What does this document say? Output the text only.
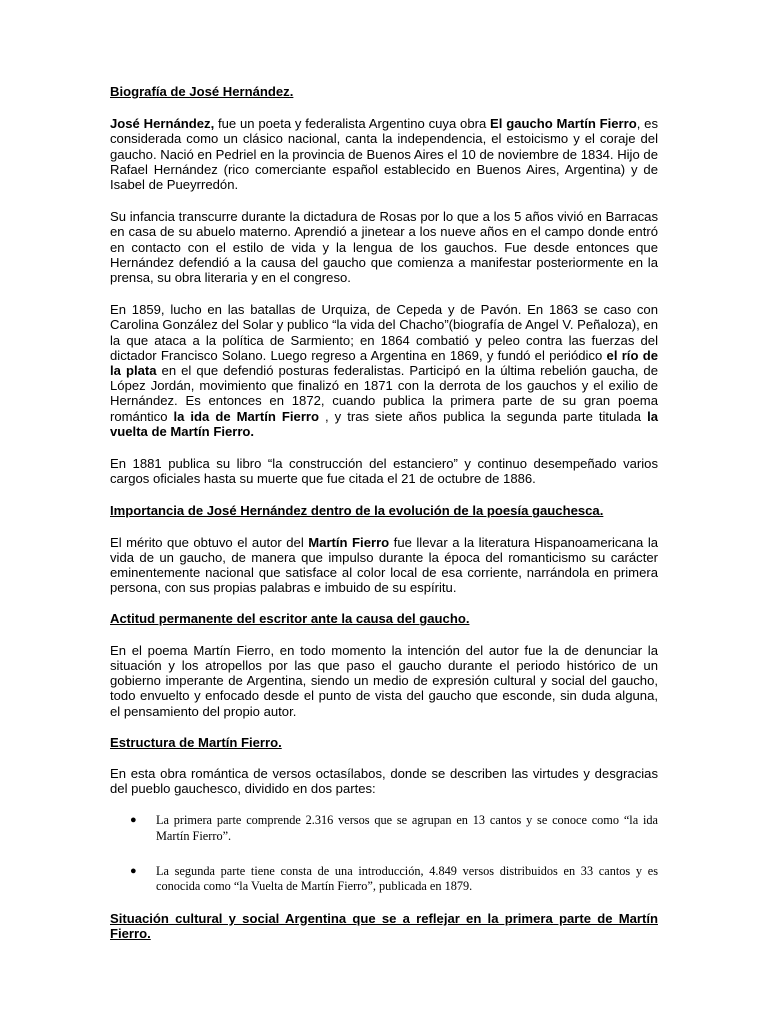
Biografía de José Hernández.

José Hernández, fue un poeta y federalista Argentino cuya obra El gaucho Martín Fierro, es considerada como un clásico nacional, canta la independencia, el estoicismo y el coraje del gaucho. Nació en Pedriel en la provincia de Buenos Aires el 10 de noviembre de 1834. Hijo de Rafael Hernández (rico comerciante español establecido en Buenos Aires, Argentina) y de Isabel de Pueyrredón.

Su infancia transcurre durante la dictadura de Rosas por lo que a los 5 años vivió en Barracas en casa de su abuelo materno. Aprendió a jinetear a los nueve años en el campo donde entró en contacto con el estilo de vida y la lengua de los gauchos. Fue desde entonces que Hernández defendió a la causa del gaucho que comienza a manifestar posteriormente en la prensa, su obra literaria y en el congreso.

En 1859, lucho en las batallas de Urquiza, de Cepeda y de Pavón. En 1863 se caso con Carolina González del Solar y publico “la vida del Chacho”(biografía de Angel V. Peñaloza), en la que ataca a la política de Sarmiento; en 1864 combatió y peleo contra las fuerzas del dictador Francisco Solano. Luego regreso a Argentina en 1869, y fundó el periódico el río de la plata en el que defendió posturas federalistas. Participó en la última rebelión gaucha, de López Jordán, movimiento que finalizó en 1871 con la derrota de los gauchos y el exilio de Hernández. Es entonces en 1872, cuando publica la primera parte de su gran poema romántico la ida de Martín Fierro , y tras siete años publica la segunda parte titulada la vuelta de Martín Fierro.

En 1881 publica su libro “la construcción del estanciero” y continuo desempeñado varios cargos oficiales hasta su muerte que fue citada el 21 de octubre de 1886.

Importancia de José Hernández dentro de la evolución de la poesía gauchesca.

El mérito que obtuvo el autor del Martín Fierro fue llevar a la literatura Hispanoamericana la vida de un gaucho, de manera que impulso durante la época del romanticismo su carácter eminentemente nacional que satisface al color local de esa corriente, narrándola en primera persona, con sus propias palabras e imbuido de su espíritu.

Actitud permanente del escritor ante la causa del gaucho.

En el poema Martín Fierro, en todo momento la intención del autor fue la de denunciar la situación y los atropellos por las que paso el gaucho durante el periodo histórico de un gobierno imperante de Argentina, siendo un medio de expresión cultural y social del gaucho, todo envuelto y enfocado desde el punto de vista del gaucho que esconde, sin duda alguna, el pensamiento del propio autor.

Estructura de Martín Fierro.

En esta obra romántica de versos octasílabos, donde se describen las virtudes y desgracias del pueblo gauchesco, dividido en dos partes:

● La primera parte comprende 2.316 versos que se agrupan en 13 cantos y se conoce como “la ida Martín Fierro”.
● La segunda parte tiene consta de una introducción, 4.849 versos distribuidos en 33 cantos y es conocida como “la Vuelta de Martín Fierro”, publicada en 1879.

Situación cultural y social Argentina que se a reflejar en la primera parte de Martín Fierro.
